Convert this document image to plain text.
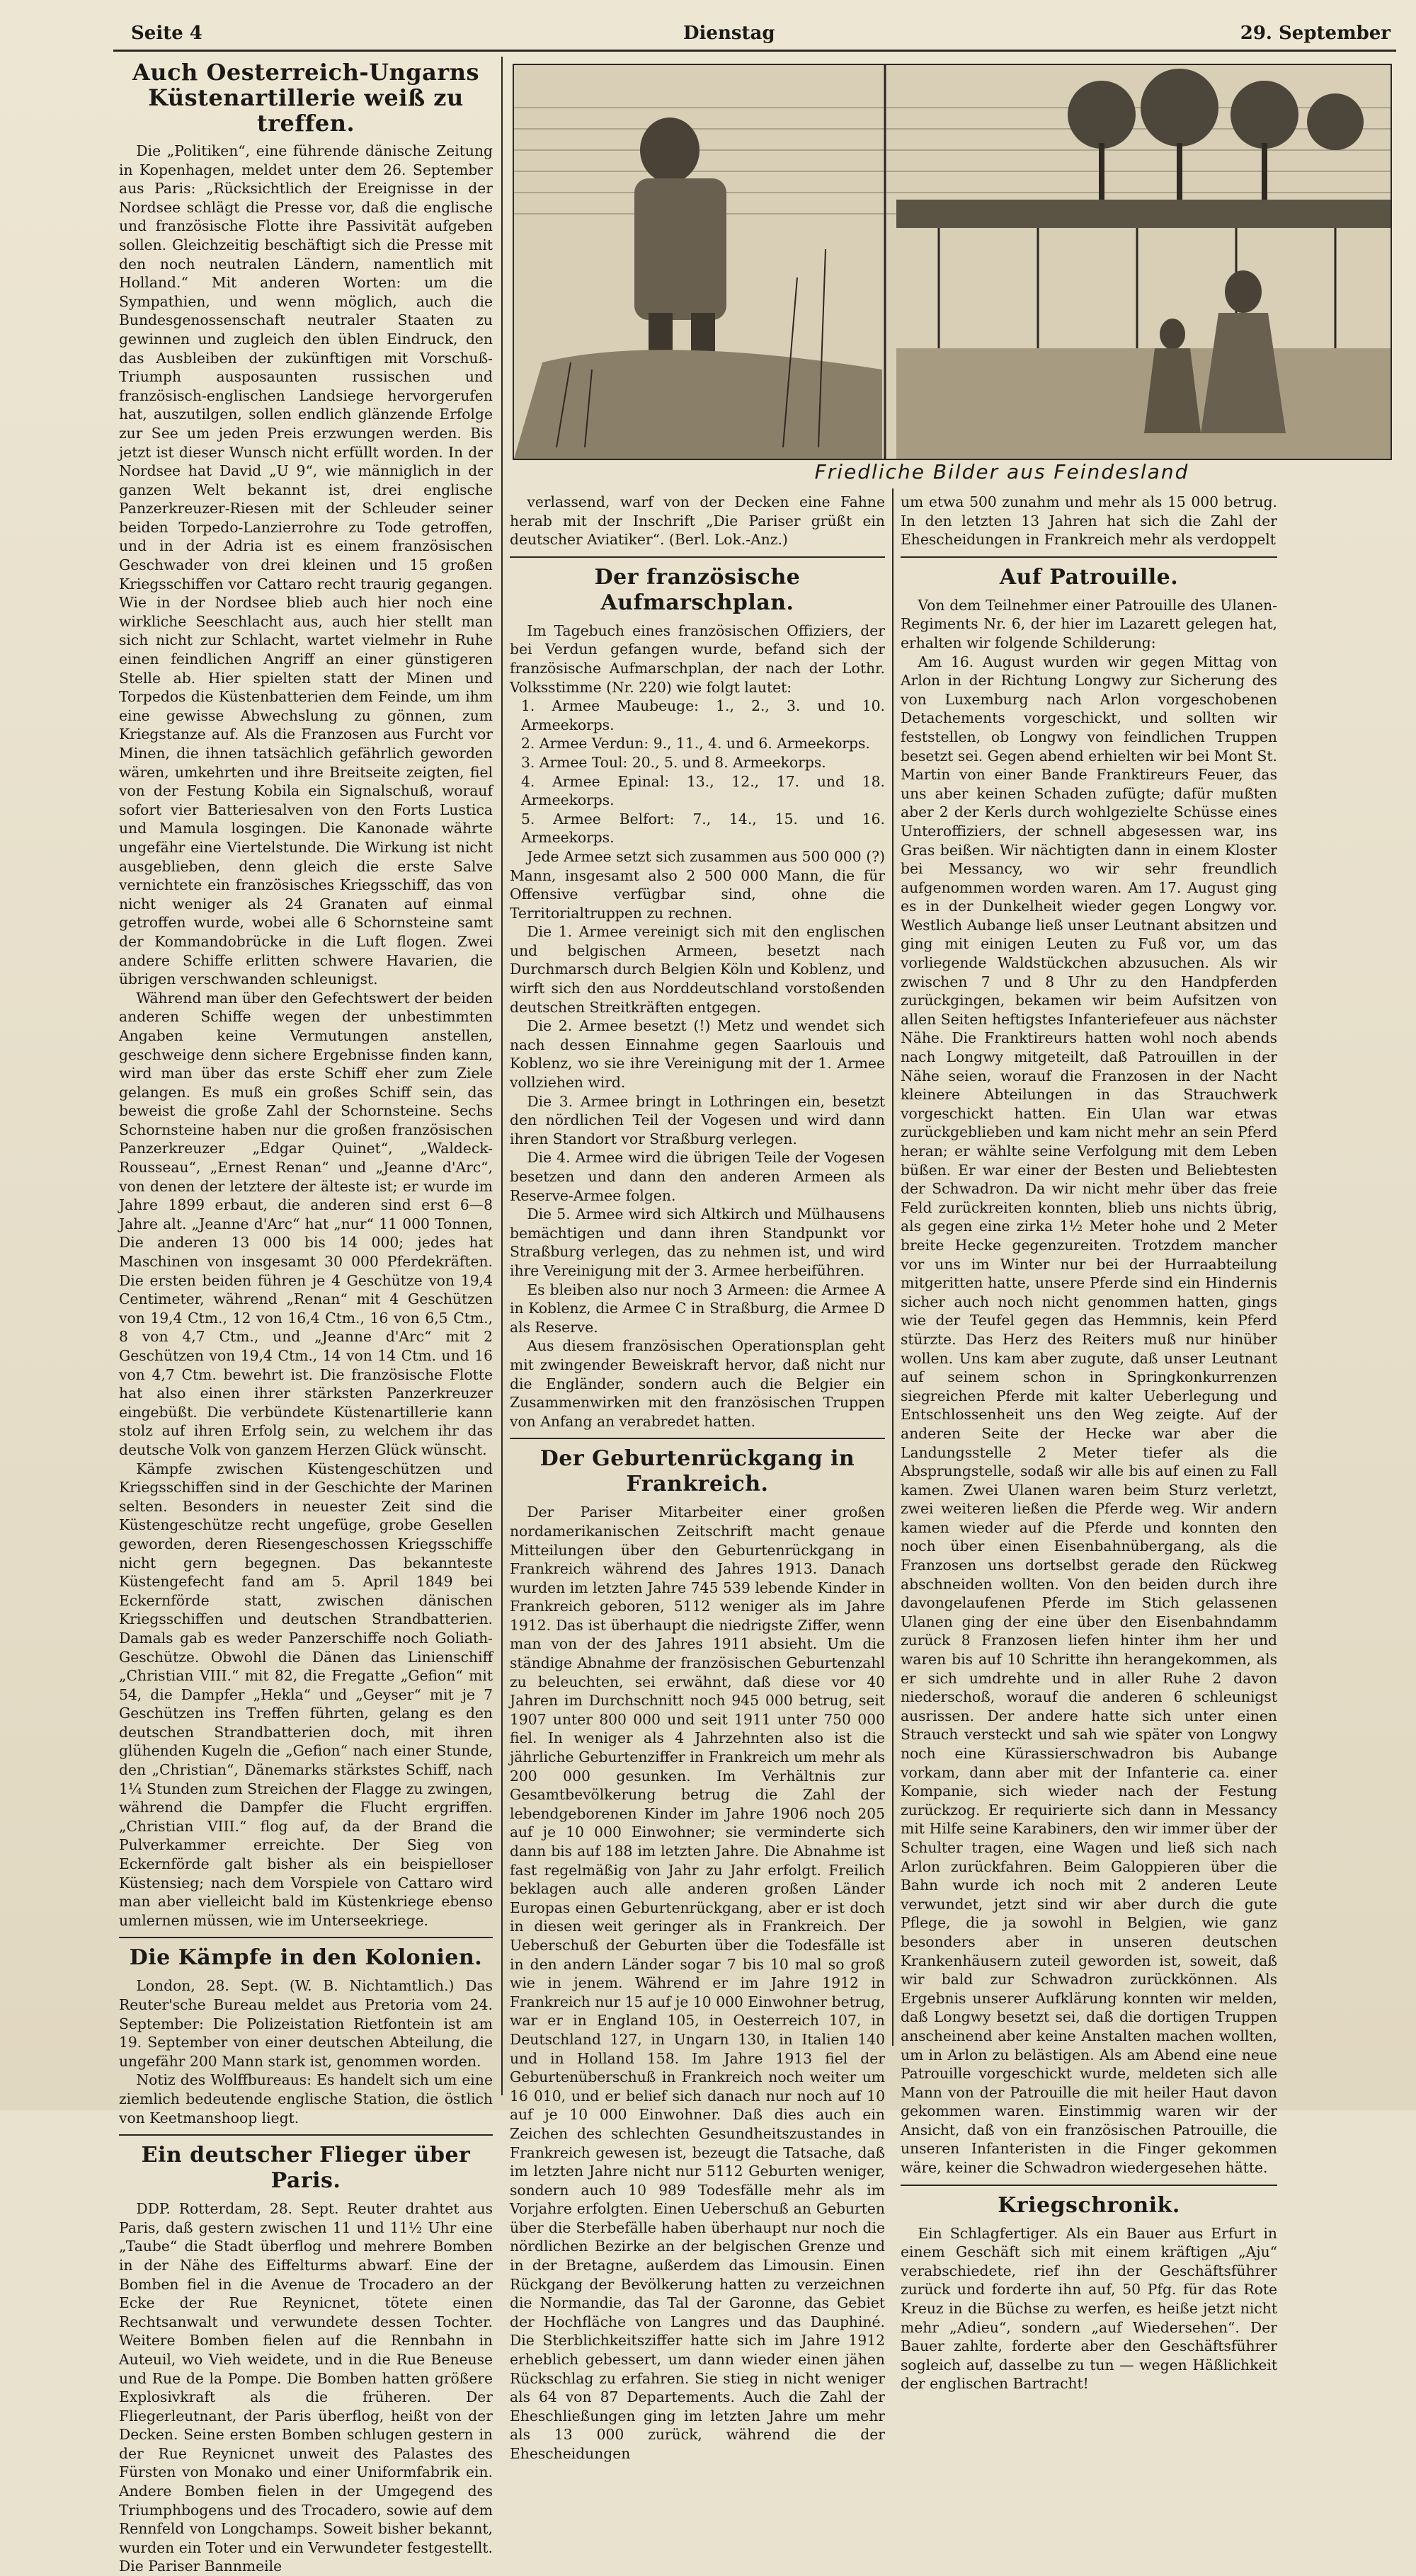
Seite 4	Dienstag	29. September
Auch Oesterreich-Ungarns Küstenartillerie weiß zu treffen.

Die „Politiken“, eine führende dänische Zeitung in Kopenhagen, meldet unter dem 26. September aus Paris: „Rücksichtlich der Ereignisse in der Nordsee schlägt die Presse vor, daß die englische und französische Flotte ihre Passivität aufgeben sollen. Gleichzeitig beschäftigt sich die Presse mit den noch neutralen Ländern, namentlich mit Holland.“ Mit anderen Worten: um die Sympathien, und wenn möglich, auch die Bundesgenossenschaft neutraler Staaten zu gewinnen und zugleich den üblen Eindruck, den das Ausbleiben der zukünftigen mit Vorschuß-Triumph ausposaunten russischen und französisch-englischen Landsiege hervorgerufen hat, auszutilgen, sollen endlich glänzende Erfolge zur See um jeden Preis erzwungen werden. Bis jetzt ist dieser Wunsch nicht erfüllt worden. In der Nordsee hat David „U 9“, wie männiglich in der ganzen Welt bekannt ist, drei englische Panzerkreuzer-Riesen mit der Schleuder seiner beiden Torpedo-Lanzierrohre zu Tode getroffen, und in der Adria ist es einem französischen Geschwader von drei kleinen und 15 großen Kriegsschiffen vor Cattaro recht traurig gegangen. Wie in der Nordsee blieb auch hier noch eine wirkliche Seeschlacht aus, auch hier stellt man sich nicht zur Schlacht, wartet vielmehr in Ruhe einen feindlichen Angriff an einer günstigeren Stelle ab. Hier spielten statt der Minen und Torpedos die Küstenbatterien dem Feinde, um ihm eine gewisse Abwechslung zu gönnen, zum Kriegstanze auf. Als die Franzosen aus Furcht vor Minen, die ihnen tatsächlich gefährlich geworden wären, umkehrten und ihre Breitseite zeigten, fiel von der Festung Kobila ein Signalschuß, worauf sofort vier Batteriesalven von den Forts Lustica und Mamula losgingen. Die Kanonade währte ungefähr eine Viertelstunde. Die Wirkung ist nicht ausgeblieben, denn gleich die erste Salve vernichtete ein französisches Kriegsschiff, das von nicht weniger als 24 Granaten auf einmal getroffen wurde, wobei alle 6 Schornsteine samt der Kommandobrücke in die Luft flogen. Zwei andere Schiffe erlitten schwere Havarien, die übrigen verschwanden schleunigst.

Während man über den Gefechtswert der beiden anderen Schiffe wegen der unbestimmten Angaben keine Vermutungen anstellen, geschweige denn sichere Ergebnisse finden kann, wird man über das erste Schiff eher zum Ziele gelangen. Es muß ein großes Schiff sein, das beweist die große Zahl der Schornsteine. Sechs Schornsteine haben nur die großen französischen Panzerkreuzer „Edgar Quinet“, „Waldeck-Rousseau“, „Ernest Renan“ und „Jeanne d'Arc“, von denen der letztere der älteste ist; er wurde im Jahre 1899 erbaut, die anderen sind erst 6—8 Jahre alt. „Jeanne d'Arc“ hat „nur“ 11 000 Tonnen, Die anderen 13 000 bis 14 000; jedes hat Maschinen von insgesamt 30 000 Pferdekräften. Die ersten beiden führen je 4 Geschütze von 19,4 Centimeter, während „Renan“ mit 4 Geschützen von 19,4 Ctm., 12 von 16,4 Ctm., 16 von 6,5 Ctm., 8 von 4,7 Ctm., und „Jeanne d'Arc“ mit 2 Geschützen von 19,4 Ctm., 14 von 14 Ctm. und 16 von 4,7 Ctm. bewehrt ist. Die französische Flotte hat also einen ihrer stärksten Panzerkreuzer eingebüßt. Die verbündete Küstenartillerie kann stolz auf ihren Erfolg sein, zu welchem ihr das deutsche Volk von ganzem Herzen Glück wünscht.

Kämpfe zwischen Küstengeschützen und Kriegsschiffen sind in der Geschichte der Marinen selten. Besonders in neuester Zeit sind die Küstengeschütze recht ungefüge, grobe Gesellen geworden, deren Riesengeschossen Kriegsschiffe nicht gern begegnen. Das bekannteste Küstengefecht fand am 5. April 1849 bei Eckernförde statt, zwischen dänischen Kriegsschiffen und deutschen Strandbatterien. Damals gab es weder Panzerschiffe noch Goliath-Geschütze. Obwohl die Dänen das Linienschiff „Christian VIII.“ mit 82, die Fregatte „Gefion“ mit 54, die Dampfer „Hekla“ und „Geyser“ mit je 7 Geschützen ins Treffen führten, gelang es den deutschen Strandbatterien doch, mit ihren glühenden Kugeln die „Gefion“ nach einer Stunde, den „Christian“, Dänemarks stärkstes Schiff, nach 1¼ Stunden zum Streichen der Flagge zu zwingen, während die Dampfer die Flucht ergriffen. „Christian VIII.“ flog auf, da der Brand die Pulverkammer erreichte. Der Sieg von Eckernförde galt bisher als ein beispielloser Küstensieg; nach dem Vorspiele von Cattaro wird man aber vielleicht bald im Küstenkriege ebenso umlernen müssen, wie im Unterseekriege.

Die Kämpfe in den Kolonien.

London, 28. Sept. (W. B. Nichtamtlich.) Das Reuter'sche Bureau meldet aus Pretoria vom 24. September: Die Polizeistation Rietfontein ist am 19. September von einer deutschen Abteilung, die ungefähr 200 Mann stark ist, genommen worden.

Notiz des Wolffbureaus: Es handelt sich um eine ziemlich bedeutende englische Station, die östlich von Keetmanshoop liegt.

Ein deutscher Flieger über Paris.

DDP. Rotterdam, 28. Sept. Reuter drahtet aus Paris, daß gestern zwischen 11 und 11½ Uhr eine „Taube“ die Stadt überflog und mehrere Bomben in der Nähe des Eiffelturms abwarf. Eine der Bomben fiel in die Avenue de Trocadero an der Ecke der Rue Reynicnet, tötete einen Rechtsanwalt und verwundete dessen Tochter. Weitere Bomben fielen auf die Rennbahn in Auteuil, wo Vieh weidete, und in die Rue Beneuse und Rue de la Pompe. Die Bomben hatten größere Explosivkraft als die früheren. Der Fliegerleutnant, der Paris überflog, heißt von der Decken. Seine ersten Bomben schlugen gestern in der Rue Reynicnet unweit des Palastes des Fürsten von Monako und einer Uniformfabrik ein. Andere Bomben fielen in der Umgegend des Triumphbogens und des Trocadero, sowie auf dem Rennfeld von Longchamps. Soweit bisher bekannt, wurden ein Toter und ein Verwundeter festgestellt. Die Pariser Bannmeile

Friedliche Bilder aus Feindesland

verlassend, warf von der Decken eine Fahne herab mit der Inschrift „Die Pariser grüßt ein deutscher Aviatiker“. (Berl. Lok.-Anz.)

Der französische Aufmarschplan.

Im Tagebuch eines französischen Offiziers, der bei Verdun gefangen wurde, befand sich der französische Aufmarschplan, der nach der Lothr. Volksstimme (Nr. 220) wie folgt lautet:

1. Armee Maubeuge: 1., 2., 3. und 10. Armeekorps.
2. Armee Verdun: 9., 11., 4. und 6. Armeekorps.
3. Armee Toul: 20., 5. und 8. Armeekorps.
4. Armee Epinal: 13., 12., 17. und 18. Armeekorps.
5. Armee Belfort: 7., 14., 15. und 16. Armeekorps.

Jede Armee setzt sich zusammen aus 500 000 (?) Mann, insgesamt also 2 500 000 Mann, die für Offensive verfügbar sind, ohne die Territorialtruppen zu rechnen.

Die 1. Armee vereinigt sich mit den englischen und belgischen Armeen, besetzt nach Durchmarsch durch Belgien Köln und Koblenz, und wirft sich den aus Norddeutschland vorstoßenden deutschen Streitkräften entgegen.

Die 2. Armee besetzt (!) Metz und wendet sich nach dessen Einnahme gegen Saarlouis und Koblenz, wo sie ihre Vereinigung mit der 1. Armee vollziehen wird.

Die 3. Armee bringt in Lothringen ein, besetzt den nördlichen Teil der Vogesen und wird dann ihren Standort vor Straßburg verlegen.

Die 4. Armee wird die übrigen Teile der Vogesen besetzen und dann den anderen Armeen als Reserve-Armee folgen.

Die 5. Armee wird sich Altkirch und Mülhausens bemächtigen und dann ihren Standpunkt vor Straßburg verlegen, das zu nehmen ist, und wird ihre Vereinigung mit der 3. Armee herbeiführen.

Es bleiben also nur noch 3 Armeen: die Armee A in Koblenz, die Armee C in Straßburg, die Armee D als Reserve.

Aus diesem französischen Operationsplan geht mit zwingender Beweiskraft hervor, daß nicht nur die Engländer, sondern auch die Belgier ein Zusammenwirken mit den französischen Truppen von Anfang an verabredet hatten.

Der Geburtenrückgang in Frankreich.

Der Pariser Mitarbeiter einer großen nordamerikanischen Zeitschrift macht genaue Mitteilungen über den Geburtenrückgang in Frankreich während des Jahres 1913. Danach wurden im letzten Jahre 745 539 lebende Kinder in Frankreich geboren, 5112 weniger als im Jahre 1912. Das ist überhaupt die niedrigste Ziffer, wenn man von der des Jahres 1911 absieht. Um die ständige Abnahme der französischen Geburtenzahl zu beleuchten, sei erwähnt, daß diese vor 40 Jahren im Durchschnitt noch 945 000 betrug, seit 1907 unter 800 000 und seit 1911 unter 750 000 fiel. In weniger als 4 Jahrzehnten also ist die jährliche Geburtenziffer in Frankreich um mehr als 200 000 gesunken. Im Verhältnis zur Gesamtbevölkerung betrug die Zahl der lebendgeborenen Kinder im Jahre 1906 noch 205 auf je 10 000 Einwohner; sie verminderte sich dann bis auf 188 im letzten Jahre. Die Abnahme ist fast regelmäßig von Jahr zu Jahr erfolgt. Freilich beklagen auch alle anderen großen Länder Europas einen Geburtenrückgang, aber er ist doch in diesen weit geringer als in Frankreich. Der Ueberschuß der Geburten über die Todesfälle ist in den andern Länder sogar 7 bis 10 mal so groß wie in jenem. Während er im Jahre 1912 in Frankreich nur 15 auf je 10 000 Einwohner betrug, war er in England 105, in Oesterreich 107, in Deutschland 127, in Ungarn 130, in Italien 140 und in Holland 158. Im Jahre 1913 fiel der Geburtenüberschuß in Frankreich noch weiter um 16 010, und er belief sich danach nur noch auf 10 auf je 10 000 Einwohner. Daß dies auch ein Zeichen des schlechten Gesundheitszustandes in Frankreich gewesen ist, bezeugt die Tatsache, daß im letzten Jahre nicht nur 5112 Geburten weniger, sondern auch 10 989 Todesfälle mehr als im Vorjahre erfolgten. Einen Ueberschuß an Geburten über die Sterbefälle haben überhaupt nur noch die nördlichen Bezirke an der belgischen Grenze und in der Bretagne, außerdem das Limousin. Einen Rückgang der Bevölkerung hatten zu verzeichnen die Normandie, das Tal der Garonne, das Gebiet der Hochfläche von Langres und das Dauphiné. Die Sterblichkeitsziffer hatte sich im Jahre 1912 erheblich gebessert, um dann wieder einen jähen Rückschlag zu erfahren. Sie stieg in nicht weniger als 64 von 87 Departements. Auch die Zahl der Eheschließungen ging im letzten Jahre um mehr als 13 000 zurück, während die der Ehescheidungen

um etwa 500 zunahm und mehr als 15 000 betrug. In den letzten 13 Jahren hat sich die Zahl der Ehescheidungen in Frankreich mehr als verdoppelt

Auf Patrouille.

Von dem Teilnehmer einer Patrouille des Ulanen-Regiments Nr. 6, der hier im Lazarett gelegen hat, erhalten wir folgende Schilderung:

Am 16. August wurden wir gegen Mittag von Arlon in der Richtung Longwy zur Sicherung des von Luxemburg nach Arlon vorgeschobenen Detachements vorgeschickt, und sollten wir feststellen, ob Longwy von feindlichen Truppen besetzt sei. Gegen abend erhielten wir bei Mont St. Martin von einer Bande Franktireurs Feuer, das uns aber keinen Schaden zufügte; dafür mußten aber 2 der Kerls durch wohlgezielte Schüsse eines Unteroffiziers, der schnell abgesessen war, ins Gras beißen. Wir nächtigten dann in einem Kloster bei Messancy, wo wir sehr freundlich aufgenommen worden waren. Am 17. August ging es in der Dunkelheit wieder gegen Longwy vor. Westlich Aubange ließ unser Leutnant absitzen und ging mit einigen Leuten zu Fuß vor, um das vorliegende Waldstückchen abzusuchen. Als wir zwischen 7 und 8 Uhr zu den Handpferden zurückgingen, bekamen wir beim Aufsitzen von allen Seiten heftigstes Infanteriefeuer aus nächster Nähe. Die Franktireurs hatten wohl noch abends nach Longwy mitgeteilt, daß Patrouillen in der Nähe seien, worauf die Franzosen in der Nacht kleinere Abteilungen in das Strauchwerk vorgeschickt hatten. Ein Ulan war etwas zurückgeblieben und kam nicht mehr an sein Pferd heran; er wählte seine Verfolgung mit dem Leben büßen. Er war einer der Besten und Beliebtesten der Schwadron. Da wir nicht mehr über das freie Feld zurückreiten konnten, blieb uns nichts übrig, als gegen eine zirka 1½ Meter hohe und 2 Meter breite Hecke gegenzureiten. Trotzdem mancher vor uns im Winter nur bei der Hurraabteilung mitgeritten hatte, unsere Pferde sind ein Hindernis sicher auch noch nicht genommen hatten, gings wie der Teufel gegen das Hemmnis, kein Pferd stürzte. Das Herz des Reiters muß nur hinüber wollen. Uns kam aber zugute, daß unser Leutnant auf seinem schon in Springkonkurrenzen siegreichen Pferde mit kalter Ueberlegung und Entschlossenheit uns den Weg zeigte. Auf der anderen Seite der Hecke war aber die Landungsstelle 2 Meter tiefer als die Absprungstelle, sodaß wir alle bis auf einen zu Fall kamen. Zwei Ulanen waren beim Sturz verletzt, zwei weiteren ließen die Pferde weg. Wir andern kamen wieder auf die Pferde und konnten den noch über einen Eisenbahnübergang, als die Franzosen uns dortselbst gerade den Rückweg abschneiden wollten. Von den beiden durch ihre davongelaufenen Pferde im Stich gelassenen Ulanen ging der eine über den Eisenbahndamm zurück 8 Franzosen liefen hinter ihm her und waren bis auf 10 Schritte ihn herangekommen, als er sich umdrehte und in aller Ruhe 2 davon niederschoß, worauf die anderen 6 schleunigst ausrissen. Der andere hatte sich unter einen Strauch versteckt und sah wie später von Longwy noch eine Kürassierschwadron bis Aubange vorkam, dann aber mit der Infanterie ca. einer Kompanie, sich wieder nach der Festung zurückzog. Er requirierte sich dann in Messancy mit Hilfe seine Karabiners, den wir immer über der Schulter tragen, eine Wagen und ließ sich nach Arlon zurückfahren. Beim Galoppieren über die Bahn wurde ich noch mit 2 anderen Leute verwundet, jetzt sind wir aber durch die gute Pflege, die ja sowohl in Belgien, wie ganz besonders aber in unseren deutschen Krankenhäusern zuteil geworden ist, soweit, daß wir bald zur Schwadron zurückkönnen. Als Ergebnis unserer Aufklärung konnten wir melden, daß Longwy besetzt sei, daß die dortigen Truppen anscheinend aber keine Anstalten machen wollten, um in Arlon zu belästigen. Als am Abend eine neue Patrouille vorgeschickt wurde, meldeten sich alle Mann von der Patrouille die mit heiler Haut davon gekommen waren. Einstimmig waren wir der Ansicht, daß von ein französischen Patrouille, die unseren Infanteristen in die Finger gekommen wäre, keiner die Schwadron wiedergesehen hätte.

Kriegschronik.

Ein Schlagfertiger. Als ein Bauer aus Erfurt in einem Geschäft sich mit einem kräftigen „Aju“ verabschiedete, rief ihn der Geschäftsführer zurück und forderte ihn auf, 50 Pfg. für das Rote Kreuz in die Büchse zu werfen, es heiße jetzt nicht mehr „Adieu“, sondern „auf Wiedersehen“. Der Bauer zahlte, forderte aber den Geschäftsführer sogleich auf, dasselbe zu tun — wegen Häßlichkeit der englischen Bartracht!
